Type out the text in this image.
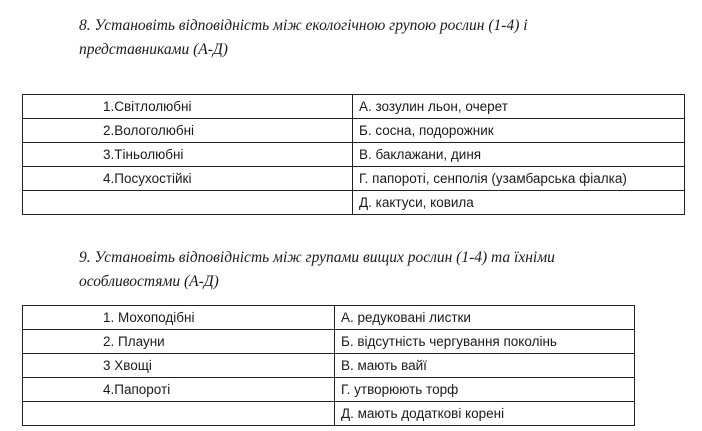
8. Установіть відповідність між екологічною групою рослин (1-4) і
представниками (А-Д)
1.Світлолюбні	А. зозулин льон, очерет
2.Вологолюбні	Б. сосна, подорожник
3.Тіньолюбні	В. баклажани, диня
4.Посухостійкі	Г. папороті, сенполія (узамбарська фіалка)
	Д. кактуси, ковила
9. Установіть відповідність між групами вищих рослин (1-4) та їхніми
особливостями (А-Д)
1. Мохоподібні	А. редуковані листки
2. Плауни	Б. відсутність чергування поколінь
3 Хвощі	В. мають вайї
4.Папороті	Г. утворюють торф
	Д. мають додаткові корені
